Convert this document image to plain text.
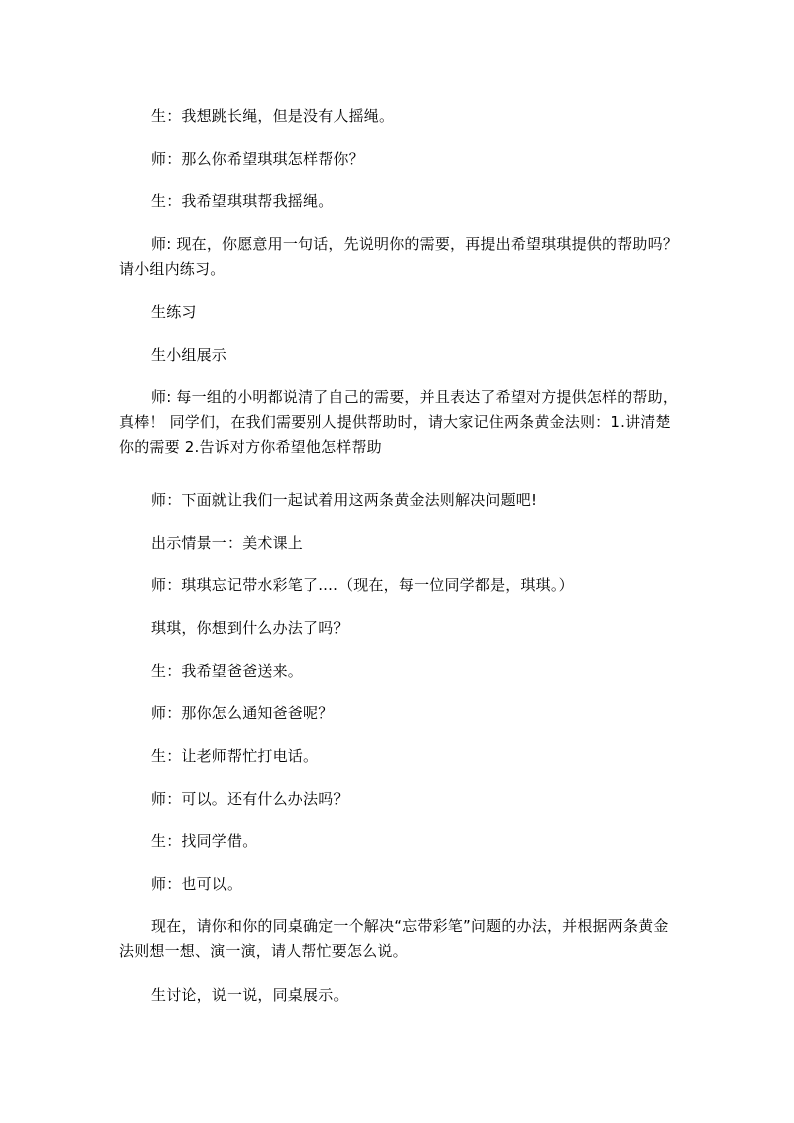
生：我想跳长绳，但是没有人摇绳。

师：那么你希望琪琪怎样帮你？

生：我希望琪琪帮我摇绳。

师: 现在，你愿意用一句话，先说明你的需要，再提出希望琪琪提供的帮助吗？请小组内练习。

生练习

生小组展示

师: 每一组的小明都说清了自己的需要，并且表达了希望对方提供怎样的帮助，真棒！ 同学们，在我们需要别人提供帮助时，请大家记住两条黄金法则：1.讲清楚你的需要 2.告诉对方你希望他怎样帮助

师：下面就让我们一起试着用这两条黄金法则解决问题吧!

出示情景一：美术课上

师：琪琪忘记带水彩笔了....（现在，每一位同学都是，琪琪。）

琪琪，你想到什么办法了吗？

生：我希望爸爸送来。

师：那你怎么通知爸爸呢？

生：让老师帮忙打电话。

师：可以。还有什么办法吗？

生：找同学借。

师：也可以。

现在，请你和你的同桌确定一个解决“忘带彩笔”问题的办法，并根据两条黄金法则想一想、演一演，请人帮忙要怎么说。

生讨论，说一说，同桌展示。
